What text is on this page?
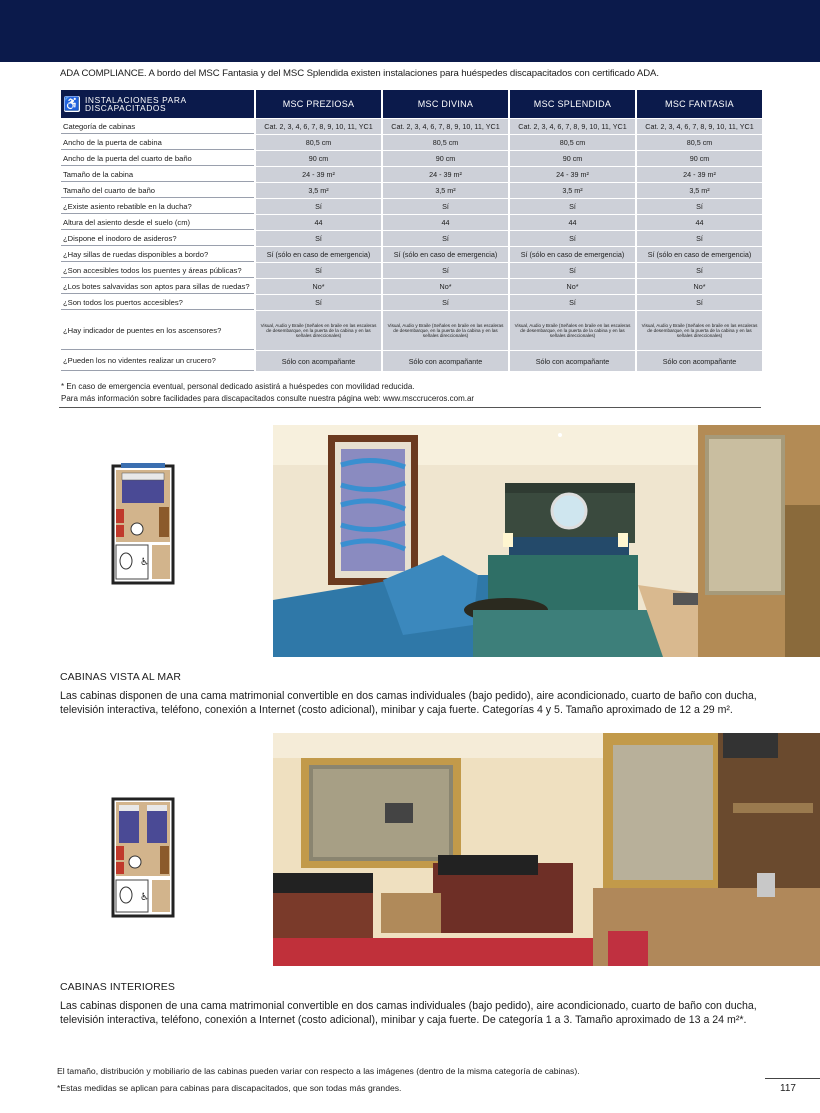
ADA COMPLIANCE. A bordo del MSC Fantasia y del MSC Splendida existen instalaciones para huéspedes discapacitados con certificado ADA.
♿ INSTALACIONES PARA
DISCAPACITADOS	MSC PREZIOSA	MSC DIVINA	MSC SPLENDIDA	MSC FANTASIA
Categoría de cabinas	Cat. 2, 3, 4, 6, 7, 8, 9, 10, 11, YC1	Cat. 2, 3, 4, 6, 7, 8, 9, 10, 11, YC1	Cat. 2, 3, 4, 6, 7, 8, 9, 10, 11, YC1	Cat. 2, 3, 4, 6, 7, 8, 9, 10, 11, YC1
Ancho de la puerta de cabina	80,5 cm	80,5 cm	80,5 cm	80,5 cm
Ancho de la puerta del cuarto de baño	90 cm	90 cm	90 cm	90 cm
Tamaño de la cabina	24 - 39 m²	24 - 39 m²	24 - 39 m²	24 - 39 m²
Tamaño del cuarto de baño	3,5 m²	3,5 m²	3,5 m²	3,5 m²
¿Existe asiento rebatible en la ducha?	Sí	Sí	Sí	Sí
Altura del asiento desde el suelo (cm)	44	44	44	44
¿Dispone el inodoro de asideros?	Sí	Sí	Sí	Sí
¿Hay sillas de ruedas disponibles a bordo?	Sí (sólo en caso de emergencia)	Sí (sólo en caso de emergencia)	Sí (sólo en caso de emergencia)	Sí (sólo en caso de emergencia)
¿Son accesibles todos los puentes y áreas públicas?	Sí	Sí	Sí	Sí
¿Los botes salvavidas son aptos para sillas de ruedas?	No*	No*	No*	No*
¿Son todos los puertos accesibles?	Sí	Sí	Sí	Sí
¿Hay indicador de puentes en los ascensores?	Visual, Audio y Braile (Señales en braile en las escaleras de desembarque, en la puerta de la cabina y en las señales direccionales)	Visual, Audio y Braile (Señales en braile en las escaleras de desembarque, en la puerta de la cabina y en las señales direccionales)	Visual, Audio y Braile (Señales en braile en las escaleras de desembarque, en la puerta de la cabina y en las señales direccionales)	Visual, Audio y Braile (Señales en braile en las escaleras de desembarque, en la puerta de la cabina y en las señales direccionales)
¿Pueden los no videntes realizar un crucero?	Sólo con acompañante	Sólo con acompañante	Sólo con acompañante	Sólo con acompañante
* En caso de emergencia eventual, personal dedicado asistirá a huéspedes con movilidad reducida.
Para más información sobre facilidades para discapacitados consulte nuestra página web: www.msccruceros.com.ar
♿
CABINAS VISTA AL MAR
Las cabinas disponen de una cama matrimonial convertible en dos camas individuales (bajo pedido), aire acondicionado, cuarto de baño con ducha, televisión interactiva, teléfono, conexión a Internet (costo adicional), minibar y caja fuerte. Categorías 4 y 5. Tamaño aproximado de 12 a 29 m².
♿
CABINAS INTERIORES
Las cabinas disponen de una cama matrimonial convertible en dos camas individuales (bajo pedido), aire acondicionado, cuarto de baño con ducha, televisión interactiva, teléfono, conexión a Internet (costo adicional), minibar y caja fuerte. De categoría 1 a 3. Tamaño aproximado de 13 a 24 m²*.
El tamaño, distribución y mobiliario de las cabinas pueden variar con respecto a las imágenes (dentro de la misma categoría de cabinas).
*Estas medidas se aplican para cabinas para discapacitados, que son todas más grandes.	117
